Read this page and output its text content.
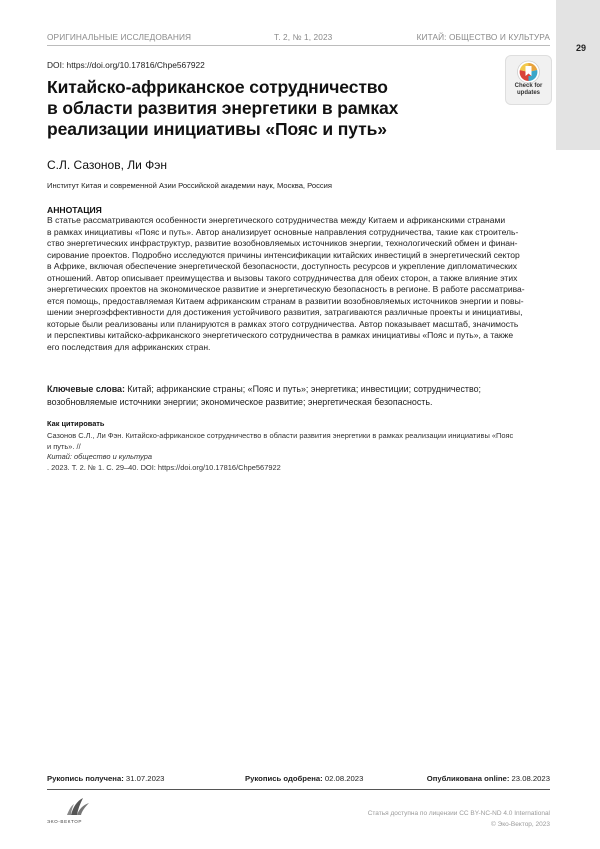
29
ОРИГИНАЛЬНЫЕ ИССЛЕДОВАНИЯ	Т. 2, № 1, 2023	КИТАЙ: ОБЩЕСТВО И КУЛЬТУРА
DOI: https://doi.org/10.17816/Chpe567922
Китайско-африканское сотрудничество
в области развития энергетики в рамках
реализации инициативы «Пояс и путь»
Check for
updates
С.Л. Сазонов, Ли Фэн
Институт Китая и современной Азии Российской академии наук, Москва, Россия
АННОТАЦИЯ
В статье рассматриваются особенности энергетического сотрудничества между Китаем и африканскими странами
в рамках инициативы «Пояс и путь». Автор анализирует основные направления сотрудничества, такие как строитель-
ство энергетических инфраструктур, развитие возобновляемых источников энергии, технологический обмен и финан-
сирование проектов. Подробно исследуются причины интенсификации китайских инвестиций в энергетический сектор
в Африке, включая обеспечение энергетической безопасности, доступность ресурсов и укрепление дипломатических
отношений. Автор описывает преимущества и вызовы такого сотрудничества для обеих сторон, а также влияние этих
энергетических проектов на экономическое развитие и энергетическую безопасность в регионе. В работе рассматрива-
ется помощь, предоставляемая Китаем африканским странам в развитии возобновляемых источников энергии и повы-
шении энергоэффективности для достижения устойчивого развития, затрагиваются различные проекты и инициативы,
которые были реализованы или планируются в рамках этого сотрудничества. Автор показывает масштаб, значимость
и перспективы китайско-африканского энергетического сотрудничества в рамках инициативы «Пояс и путь», а также
его последствия для африканских стран.
Ключевые слова: Китай; африканские страны; «Пояс и путь»; энергетика; инвестиции; сотрудничество; возобновляемые источники энергии; экономическое развитие; энергетическая безопасность.
Как цитировать
Сазонов С.Л., Ли Фэн. Китайско-африканское сотрудничество в области развития энергетики в рамках реализации инициативы «Пояс
и путь». //
Китай: общество и культура
. 2023. Т. 2. № 1. С. 29–40. DOI: https://doi.org/10.17816/Chpe567922
Рукопись получена: 31.07.2023	Рукопись одобрена: 02.08.2023	Опубликована online: 23.08.2023
ЭКО-ВЕКТОР
Статья доступна по лицензии CC BY-NC-ND 4.0 International
© Эко-Вектор, 2023
